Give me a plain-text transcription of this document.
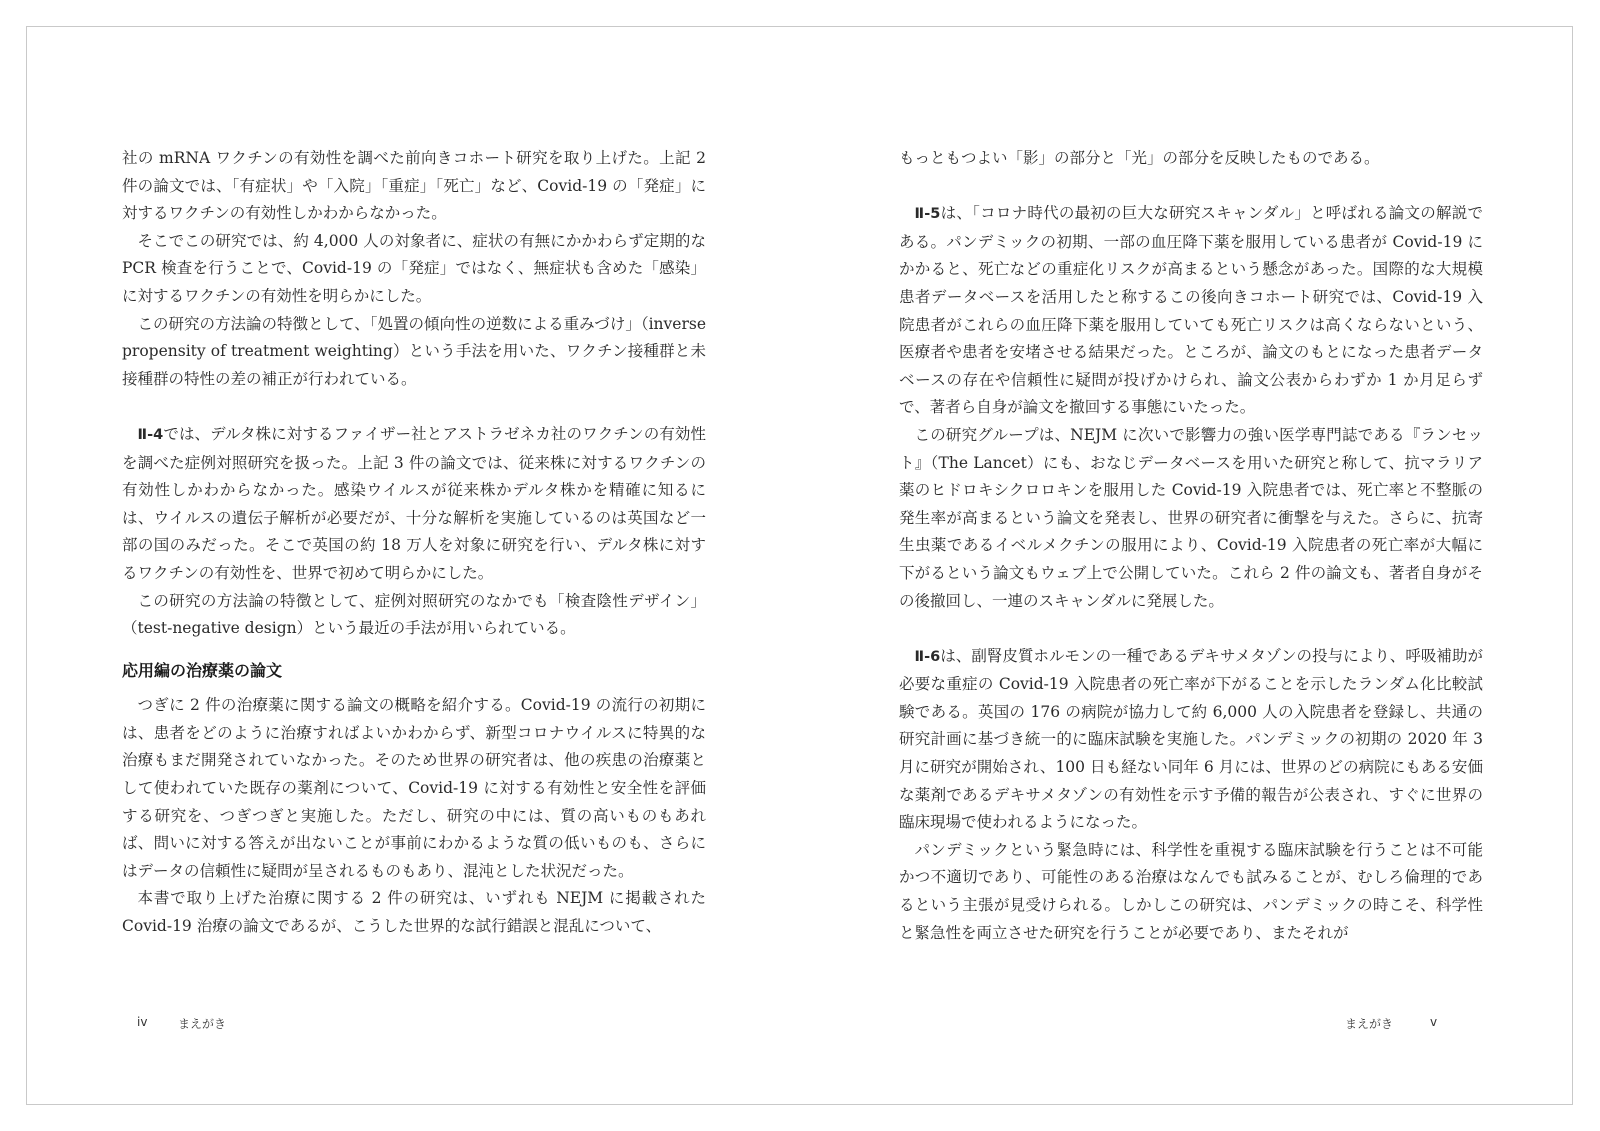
社の mRNA ワクチンの有効性を調べた前向きコホート研究を取り上げた。上記 2 件の論文では、「有症状」や「入院」「重症」「死亡」など、Covid-19 の「発症」に対するワクチンの有効性しかわからなかった。

そこでこの研究では、約 4,000 人の対象者に、症状の有無にかかわらず定期的な PCR 検査を行うことで、Covid-19 の「発症」ではなく、無症状も含めた「感染」に対するワクチンの有効性を明らかにした。

この研究の方法論の特徴として、「処置の傾向性の逆数による重みづけ」（inverse propensity of treatment weighting）という手法を用いた、ワクチン接種群と未接種群の特性の差の補正が行われている。

Ⅱ-4では、デルタ株に対するファイザー社とアストラゼネカ社のワクチンの有効性を調べた症例対照研究を扱った。上記 3 件の論文では、従来株に対するワクチンの有効性しかわからなかった。感染ウイルスが従来株かデルタ株かを精確に知るには、ウイルスの遺伝子解析が必要だが、十分な解析を実施しているのは英国など一部の国のみだった。そこで英国の約 18 万人を対象に研究を行い、デルタ株に対するワクチンの有効性を、世界で初めて明らかにした。

この研究の方法論の特徴として、症例対照研究のなかでも「検査陰性デザイン」（test-negative design）という最近の手法が用いられている。

応用編の治療薬の論文

つぎに 2 件の治療薬に関する論文の概略を紹介する。Covid-19 の流行の初期には、患者をどのように治療すればよいかわからず、新型コロナウイルスに特異的な治療もまだ開発されていなかった。そのため世界の研究者は、他の疾患の治療薬として使われていた既存の薬剤について、Covid-19 に対する有効性と安全性を評価する研究を、つぎつぎと実施した。ただし、研究の中には、質の高いものもあれば、問いに対する答えが出ないことが事前にわかるような質の低いものも、さらにはデータの信頼性に疑問が呈されるものもあり、混沌とした状況だった。

本書で取り上げた治療に関する 2 件の研究は、いずれも NEJM に掲載された Covid-19 治療の論文であるが、こうした世界的な試行錯誤と混乱について、

もっともつよい「影」の部分と「光」の部分を反映したものである。

Ⅱ-5は、「コロナ時代の最初の巨大な研究スキャンダル」と呼ばれる論文の解説である。パンデミックの初期、一部の血圧降下薬を服用している患者が Covid-19 にかかると、死亡などの重症化リスクが高まるという懸念があった。国際的な大規模患者データベースを活用したと称するこの後向きコホート研究では、Covid-19 入院患者がこれらの血圧降下薬を服用していても死亡リスクは高くならないという、医療者や患者を安堵させる結果だった。ところが、論文のもとになった患者データベースの存在や信頼性に疑問が投げかけられ、論文公表からわずか 1 か月足らずで、著者ら自身が論文を撤回する事態にいたった。

この研究グループは、NEJM に次いで影響力の強い医学専門誌である『ランセット』（The Lancet）にも、おなじデータベースを用いた研究と称して、抗マラリア薬のヒドロキシクロロキンを服用した Covid-19 入院患者では、死亡率と不整脈の発生率が高まるという論文を発表し、世界の研究者に衝撃を与えた。さらに、抗寄生虫薬であるイベルメクチンの服用により、Covid-19 入院患者の死亡率が大幅に下がるという論文もウェブ上で公開していた。これら 2 件の論文も、著者自身がその後撤回し、一連のスキャンダルに発展した。

Ⅱ-6は、副腎皮質ホルモンの一種であるデキサメタゾンの投与により、呼吸補助が必要な重症の Covid-19 入院患者の死亡率が下がることを示したランダム化比較試験である。英国の 176 の病院が協力して約 6,000 人の入院患者を登録し、共通の研究計画に基づき統一的に臨床試験を実施した。パンデミックの初期の 2020 年 3 月に研究が開始され、100 日も経ない同年 6 月には、世界のどの病院にもある安価な薬剤であるデキサメタゾンの有効性を示す予備的報告が公表され、すぐに世界の臨床現場で使われるようになった。

パンデミックという緊急時には、科学性を重視する臨床試験を行うことは不可能かつ不適切であり、可能性のある治療はなんでも試みることが、むしろ倫理的であるという主張が見受けられる。しかしこの研究は、パンデミックの時こそ、科学性と緊急性を両立させた研究を行うことが必要であり、またそれが

iv	まえがき	まえがき	v
